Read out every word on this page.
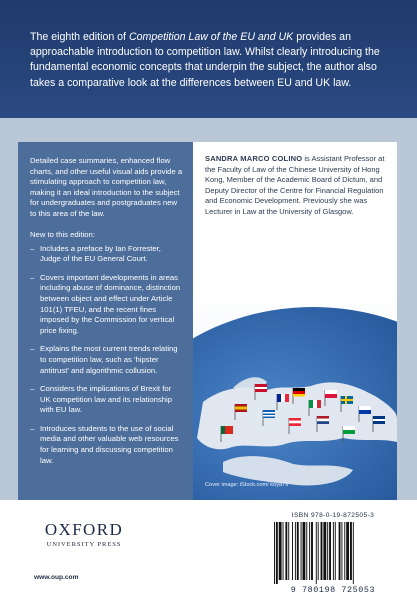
The eighth edition of Competition Law of the EU and UK provides an approachable introduction to competition law. Whilst clearly introducing the fundamental economic concepts that underpin the subject, the author also takes a comparative look at the differences between EU and UK law.

Detailed case summaries, enhanced flow charts, and other useful visual aids provide a stimulating approach to competition law, making it an ideal introduction to the subject for undergraduates and postgraduates new to this area of the law.

New to this edition:

– Includes a preface by Ian Forrester, Judge of the EU General Court.
– Covers important developments in areas including abuse of dominance, distinction between object and effect under Article 101(1) TFEU, and the recent fines imposed by the Commission for vertical price fixing.
– Explains the most current trends relating to competition law, such as 'hipster antitrust' and algorithmic collusion.
– Considers the implications of Brexit for UK competition law and its relationship with EU law.
– Introduces students to the use of social media and other valuable web resources for learning and discussing competition law.
SANDRA MARCO COLINO is Assistant Professor at the Faculty of Law of the Chinese University of Hong Kong, Member of the Academic Board of Dictum, and Deputy Director of the Centre for Financial Regulation and Economic Development. Previously she was Lecturer in Law at the University of Glasgow.
Cover image: iStock.com/ koya79
OXFORD
UNIVERSITY PRESS
www.oup.com
ISBN 978-0-19-872505-3
9 780198 725053
